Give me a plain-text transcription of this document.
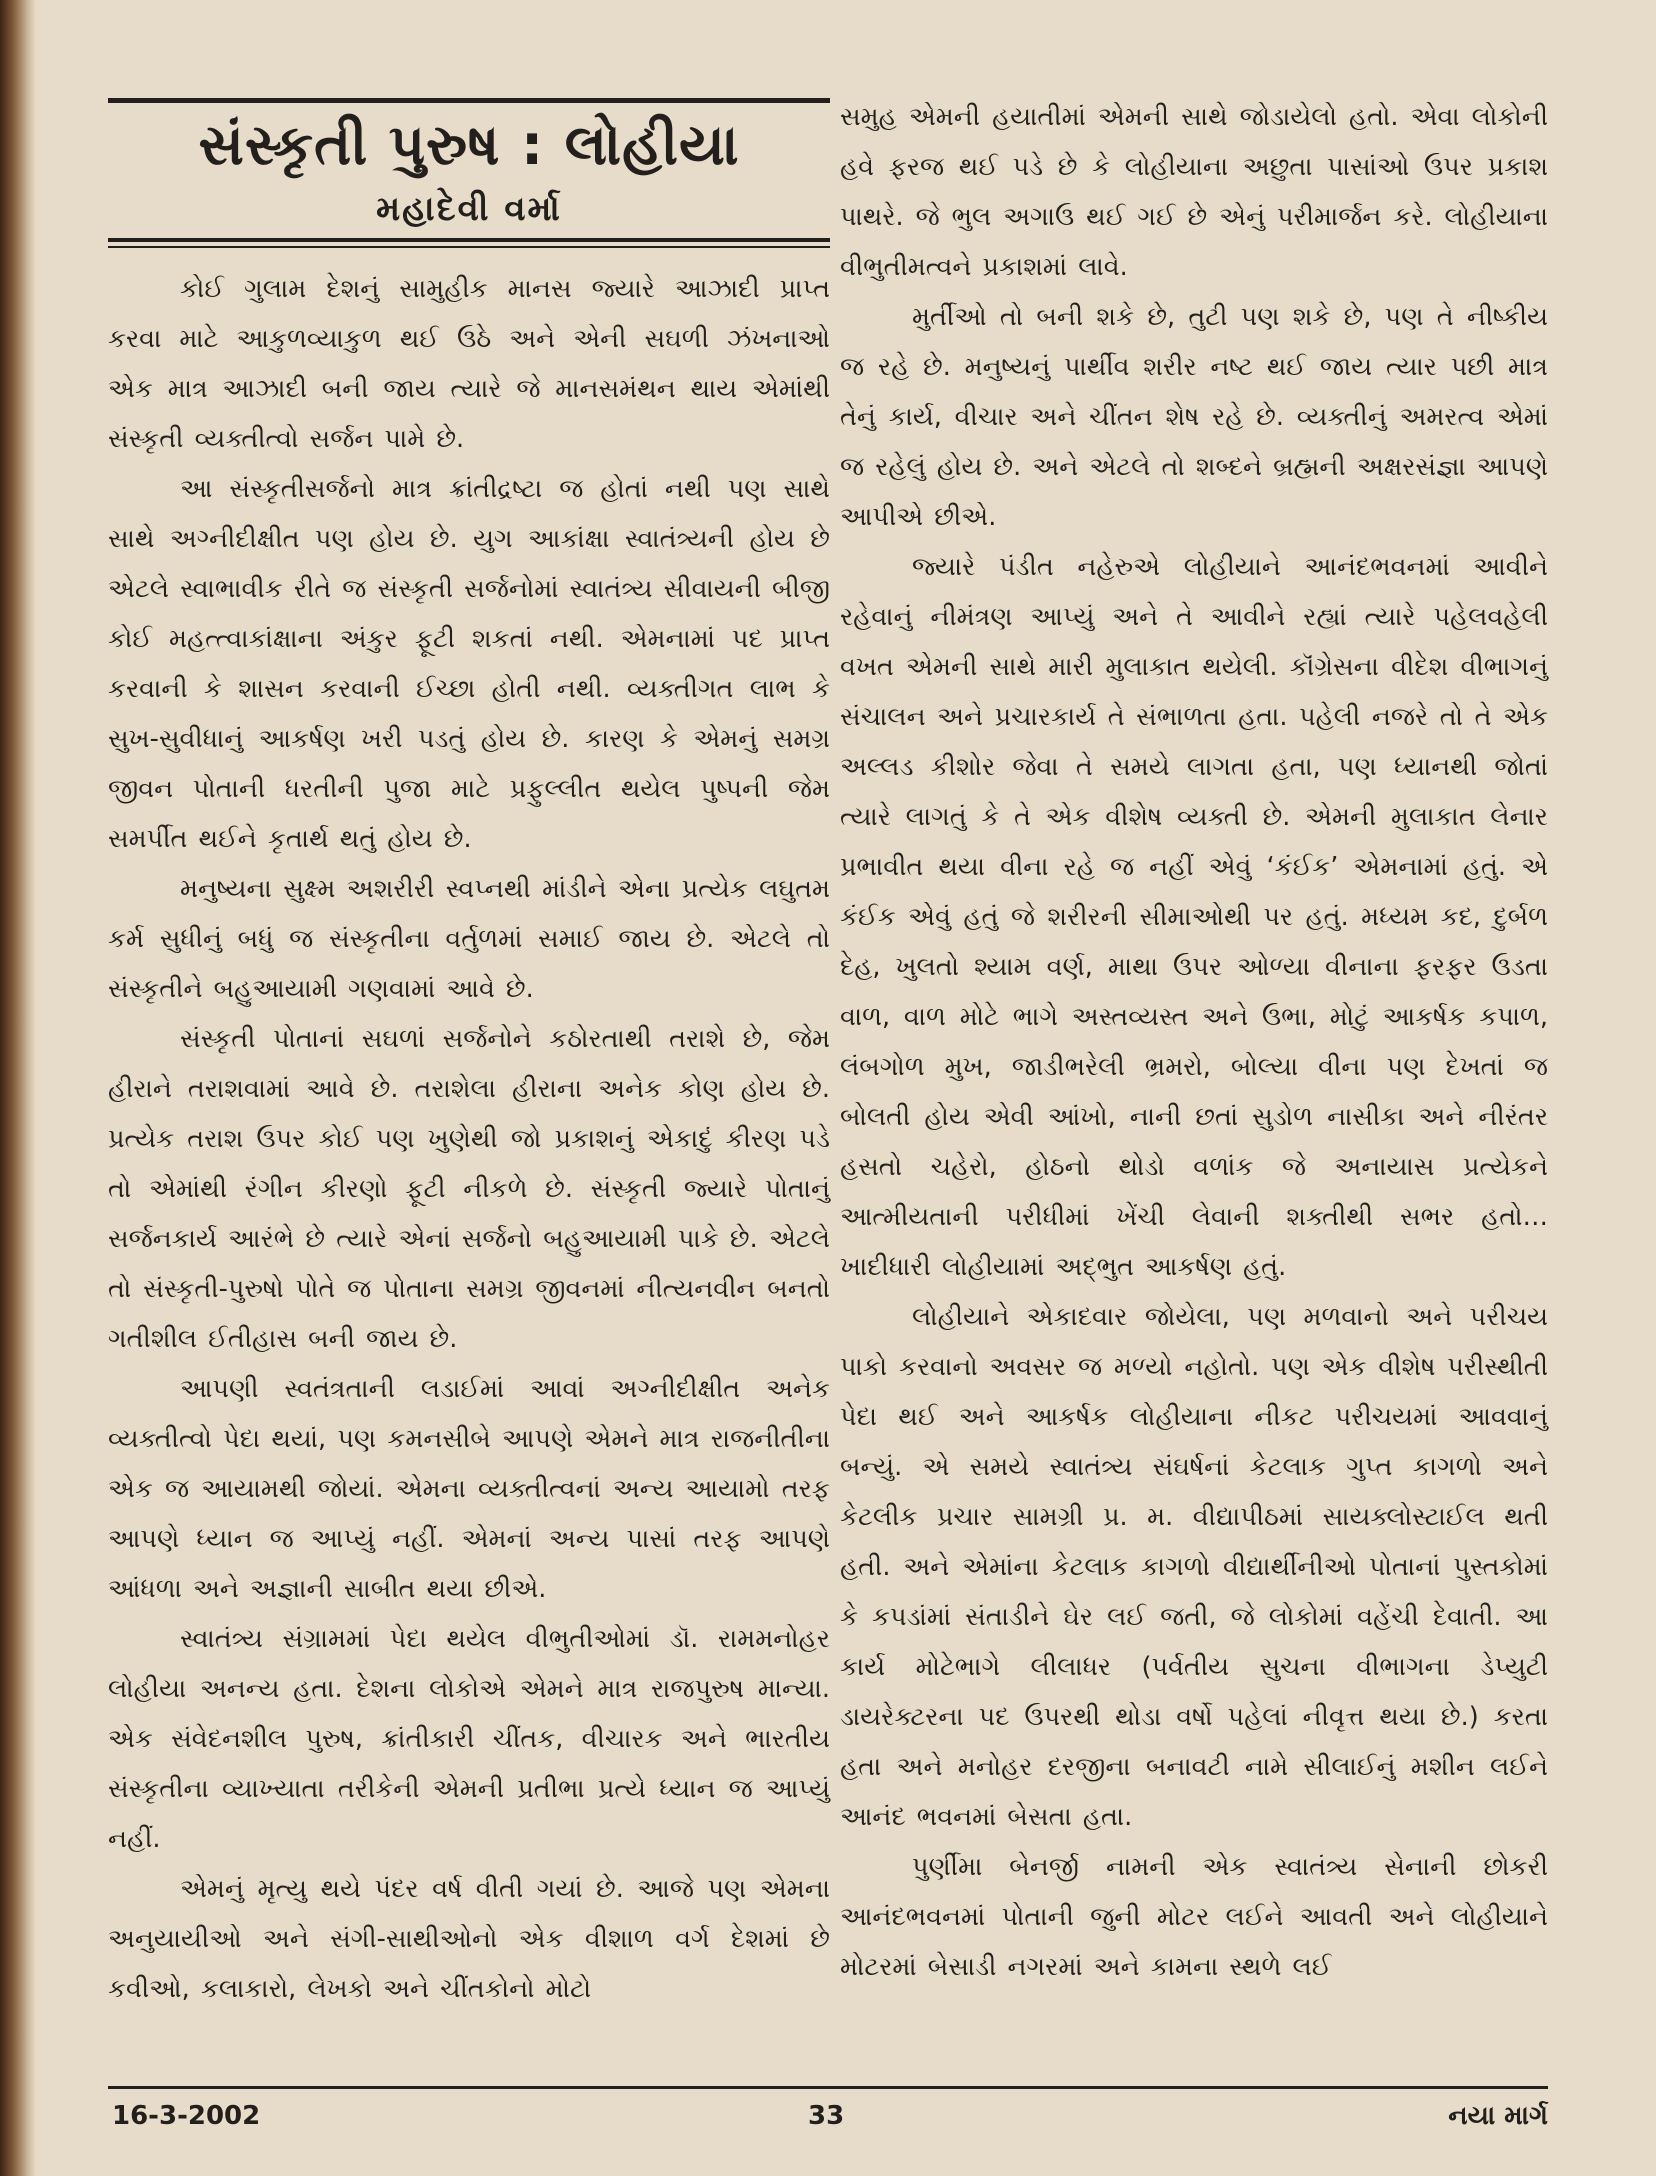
સંસ્કૃતી પુરુષ : લોહીયા
મહાદેવી વર્મા

કોઈ ગુલામ દેશનું સામુહીક માનસ જ્યારે આઝાદી પ્રાપ્ત કરવા માટે આકુળવ્યાકુળ થઈ ઉઠે અને એની સઘળી ઝંખનાઓ એક માત્ર આઝાદી બની જાય ત્યારે જે માનસમંથન થાય એમાંથી સંસ્કૃતી વ્યક્તીત્વો સર્જન પામે છે.

આ સંસ્કૃતીસર્જનો માત્ર ક્રાંતીદ્રષ્ટા જ હોતાં નથી પણ સાથે સાથે અગ્નીદીક્ષીત પણ હોય છે. યુગ આકાંક્ષા સ્વાતંત્ર્યની હોય છે એટલે સ્વાભાવીક રીતે જ સંસ્કૃતી સર્જનોમાં સ્વાતંત્ર્ય સીવાયની બીજી કોઈ મહત્ત્વાકાંક્ષાના અંકુર ફૂટી શકતાં નથી. એમનામાં પદ પ્રાપ્ત કરવાની કે શાસન કરવાની ઈચ્છા હોતી નથી. વ્યક્તીગત લાભ કે સુખ-સુવીધાનું આકર્ષણ ખરી પડતું હોય છે. કારણ કે એમનું સમગ્ર જીવન પોતાની ધરતીની પુજા માટે પ્રફુલ્લીત થયેલ પુષ્પની જેમ સમર્પીત થઈને કૃતાર્થ થતું હોય છે.

મનુષ્યના સુક્ષ્મ અશરીરી સ્વપ્નથી માંડીને એના પ્રત્યેક લઘુતમ કર્મ સુધીનું બધું જ સંસ્કૃતીના વર્તુળમાં સમાઈ જાય છે. એટલે તો સંસ્કૃતીને બહુઆયામી ગણવામાં આવે છે.

સંસ્કૃતી પોતાનાં સઘળાં સર્જનોને કઠોરતાથી તરાશે છે, જેમ હીરાને તરાશવામાં આવે છે. તરાશેલા હીરાના અનેક કોણ હોય છે. પ્રત્યેક તરાશ ઉપર કોઈ પણ ખુણેથી જો પ્રકાશનું એકાદું કીરણ પડે તો એમાંથી રંગીન કીરણો ફૂટી નીકળે છે. સંસ્કૃતી જ્યારે પોતાનું સર્જનકાર્ય આરંભે છે ત્યારે એનાં સર્જનો બહુઆયામી પાકે છે. એટલે તો સંસ્કૃતી-પુરુષો પોતે જ પોતાના સમગ્ર જીવનમાં નીત્યનવીન બનતો ગતીશીલ ઈતીહાસ બની જાય છે.

આપણી સ્વતંત્રતાની લડાઈમાં આવાં અગ્નીદીક્ષીત અનેક વ્યક્તીત્વો પેદા થયાં, પણ કમનસીબે આપણે એમને માત્ર રાજનીતીના એક જ આયામથી જોયાં. એમના વ્યક્તીત્વનાં અન્ય આયામો તરફ આપણે ધ્યાન જ આપ્યું નહીં. એમનાં અન્ય પાસાં તરફ આપણે આંધળા અને અજ્ઞાની સાબીત થયા છીએ.

સ્વાતંત્ર્ય સંગ્રામમાં પેદા થયેલ વીભુતીઓમાં ડૉ. રામમનોહર લોહીયા અનન્ય હતા. દેશના લોકોએ એમને માત્ર રાજપુરુષ માન્યા. એક સંવેદનશીલ પુરુષ, ક્રાંતીકારી ચીંતક, વીચારક અને ભારતીય સંસ્કૃતીના વ્યાખ્યાતા તરીકેની એમની પ્રતીભા પ્રત્યે ધ્યાન જ આપ્યું નહીં.

એમનું મૃત્યુ થયે પંદર વર્ષ વીતી ગયાં છે. આજે પણ એમના અનુયાયીઓ અને સંગી-સાથીઓનો એક વીશાળ વર્ગ દેશમાં છે કવીઓ, કલાકારો, લેખકો અને ચીંતકોનો મોટો

સમુહ એમની હયાતીમાં એમની સાથે જોડાયેલો હતો. એવા લોકોની હવે ફરજ થઈ પડે છે કે લોહીયાના અછુતા પાસાંઓ ઉપર પ્રકાશ પાથરે. જે ભુલ અગાઉ થઈ ગઈ છે એનું પરીમાર્જન કરે. લોહીયાના વીભુતીમત્વને પ્રકાશમાં લાવે.

મુર્તીઓ તો બની શકે છે, તુટી પણ શકે છે, પણ તે નીષ્કીય જ રહે છે. મનુષ્યનું પાર્થીવ શરીર નષ્ટ થઈ જાય ત્યાર પછી માત્ર તેનું કાર્ય, વીચાર અને ચીંતન શેષ રહે છે. વ્યક્તીનું અમરત્વ એમાં જ રહેલું હોય છે. અને એટલે તો શબ્દને બ્રહ્મની અક્ષરસંજ્ઞા આપણે આપીએ છીએ.

જ્યારે પંડીત નહેરુએ લોહીયાને આનંદભવનમાં આવીને રહેવાનું નીમંત્રણ આપ્યું અને તે આવીને રહ્યાં ત્યારે પહેલવહેલી વખત એમની સાથે મારી મુલાકાત થયેલી. કૉંગ્રેસના વીદેશ વીભાગનું સંચાલન અને પ્રચારકાર્ય તે સંભાળતા હતા. પહેલી નજરે તો તે એક અલ્લડ કીશોર જેવા તે સમયે લાગતા હતા, પણ ધ્યાનથી જોતાં ત્યારે લાગતું કે તે એક વીશેષ વ્યક્તી છે. એમની મુલાકાત લેનાર પ્રભાવીત થયા વીના રહે જ નહીં એવું ‘કંઈક’ એમનામાં હતું. એ કંઈક એવું હતું જે શરીરની સીમાઓથી પર હતું. મધ્યમ કદ, દુર્બળ દેહ, ખુલતો શ્યામ વર્ણ, માથા ઉપર ઓળ્યા વીનાના ફરફર ઉડતા વાળ, વાળ મોટે ભાગે અસ્તવ્યસ્ત અને ઉભા, મોટું આકર્ષક કપાળ, લંબગોળ મુખ, જાડીભરેલી ભ્રમરો, બોલ્યા વીના પણ દેખતાં જ બોલતી હોય એવી આંખો, નાની છતાં સુડોળ નાસીકા અને નીરંતર હસતો ચહેરો, હોઠનો થોડો વળાંક જે અનાયાસ પ્રત્યેકને આત્મીયતાની પરીધીમાં ખેંચી લેવાની શક્તીથી સભર હતો… ખાદીધારી લોહીયામાં અદ્ભુત આકર્ષણ હતું.

લોહીયાને એકાદવાર જોયેલા, પણ મળવાનો અને પરીચય પાકો કરવાનો અવસર જ મળ્યો નહોતો. પણ એક વીશેષ પરીસ્થીતી પેદા થઈ અને આકર્ષક લોહીયાના નીકટ પરીચયમાં આવવાનું બન્યું. એ સમયે સ્વાતંત્ર્ય સંઘર્ષનાં કેટલાક ગુપ્ત કાગળો અને કેટલીક પ્રચાર સામગ્રી પ્ર. મ. વીદ્યાપીઠમાં સાયક્લોસ્ટાઈલ થતી હતી. અને એમાંના કેટલાક કાગળો વીદ્યાર્થીનીઓ પોતાનાં પુસ્તકોમાં કે કપડાંમાં સંતાડીને ઘેર લઈ જતી, જે લોકોમાં વહેંચી દેવાતી. આ કાર્ય મોટેભાગે લીલાધર (પર્વતીય સુચના વીભાગના ડેપ્યુટી ડાયરેક્ટરના પદ ઉપરથી થોડા વર્ષો પહેલાં નીવૃત્ત થયા છે.) કરતા હતા અને મનોહર દરજીના બનાવટી નામે સીલાઈનું મશીન લઈને આનંદ ભવનમાં બેસતા હતા.

પુર્ણીમા બેનર્જી નામની એક સ્વાતંત્ર્ય સેનાની છોકરી આનંદભવનમાં પોતાની જુની મોટર લઈને આવતી અને લોહીયાને મોટરમાં બેસાડી નગરમાં અને કામના સ્થળે લઈ

16-3-2002	33	નયા માર્ગ
